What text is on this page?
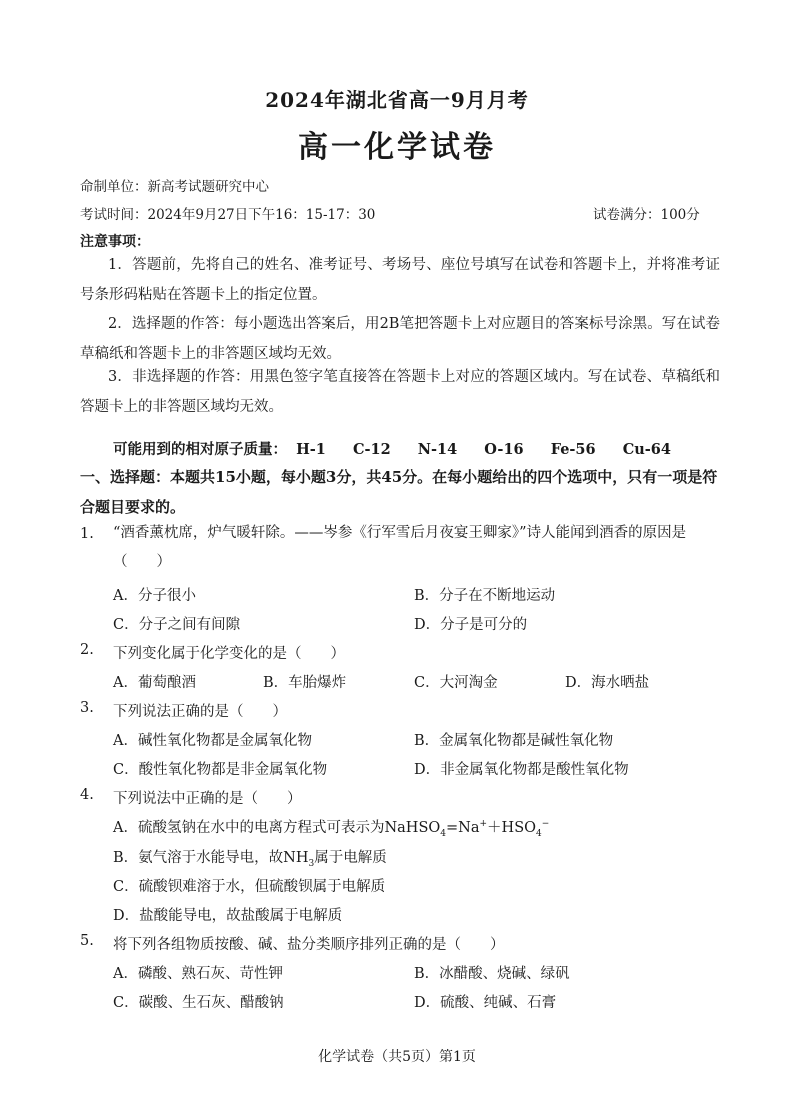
2024年湖北省高一9月月考
高一化学试卷
命制单位：新高考试题研究中心
考试时间：2024年9月27日下午16：15-17：30	试卷满分：100分
注意事项：
1．答题前，先将自己的姓名、准考证号、考场号、座位号填写在试卷和答题卡上，并将准考证号条形码粘贴在答题卡上的指定位置。
2．选择题的作答：每小题选出答案后，用2B笔把答题卡上对应题目的答案标号涂黑。写在试卷草稿纸和答题卡上的非答题区域均无效。
3．非选择题的作答：用黑色签字笔直接答在答题卡上对应的答题区域内。写在试卷、草稿纸和答题卡上的非答题区域均无效。
可能用到的相对原子质量： H-1 C-12 N-14 O-16 Fe-56 Cu-64
一、选择题：本题共15小题，每小题3分，共45分。在每小题给出的四个选项中，只有一项是符合题目要求的。
1. “酒香薰枕席，炉气暖轩除。——岑参《行军雪后月夜宴王卿家》”诗人能闻到酒香的原因是（　　）
A．分子很小	B．分子在不断地运动
C．分子之间有间隙	D．分子是可分的
2. 下列变化属于化学变化的是（　　）
A．葡萄酿酒	B．车胎爆炸	C．大河淘金	D．海水晒盐
3. 下列说法正确的是（　　）
A．碱性氧化物都是金属氧化物	B．金属氧化物都是碱性氧化物
C．酸性氧化物都是非金属氧化物	D．非金属氧化物都是酸性氧化物
4. 下列说法中正确的是（　　）
A．硫酸氢钠在水中的电离方程式可表示为$NaHSO_4=Na^++HSO_4^-$
B．氨气溶于水能导电，故$NH_3$属于电解质
C．硫酸钡难溶于水，但硫酸钡属于电解质
D．盐酸能导电，故盐酸属于电解质
5. 将下列各组物质按酸、碱、盐分类顺序排列正确的是（　　）
A．磷酸、熟石灰、苛性钾	B．冰醋酸、烧碱、绿矾
C．碳酸、生石灰、醋酸钠	D．硫酸、纯碱、石膏
化学试卷（共5页）第1页
